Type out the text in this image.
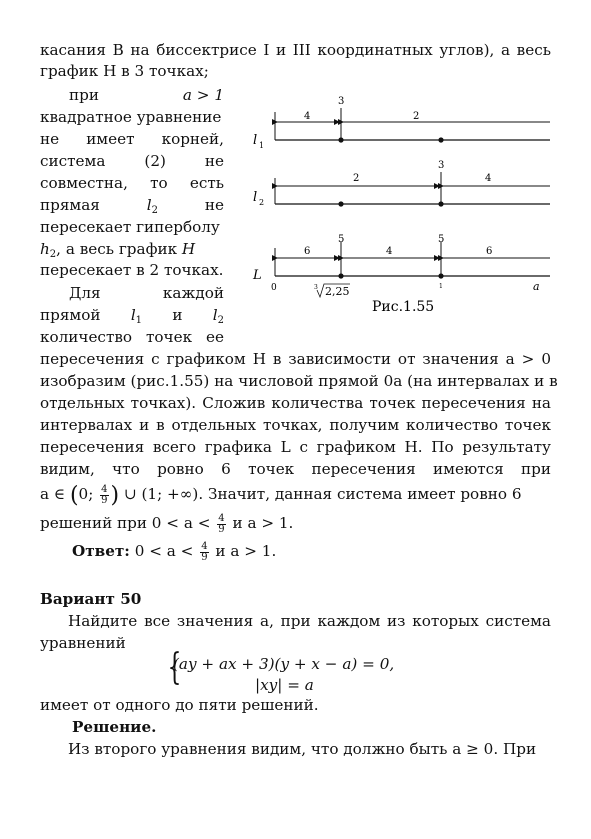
касания B на биссектрисе I и III координатных углов), а весь
график H в 3 точках;
при	a > 1
квадратное уравнение
не имеет корней,
система	(2)	не
совместна, то есть
прямая	$l_2$	не
пересекает гиперболу
$h_2$, а весь график H
пересекает в 2 точках.
Для	каждой
прямой $l_1$ и $l_2$
количество точек ее
l 1
4	2
3
l 2
2	4
3
L
6	4	6
5	5
0	3 2,25	1	a
Рис.1.55
пересечения с графиком H в зависимости от значения a > 0
изобразим (рис.1.55) на числовой прямой 0a (на интервалах и в
отдельных точках). Сложив количества точек пересечения на
интервалах и в отдельных точках, получим количество точек
пересечения всего графика L с графиком H. По результату
видим, что ровно 6 точек пересечения имеются при
a ∈ (0; $\frac{4}{9}$ ) ∪ (1; +∞). Значит, данная система имеет ровно 6
решений при $0 < a < \frac{4}{9}$ и a > 1.
Ответ: $0 < a < \frac{4}{9}$ и a > 1.
Вариант 50
Найдите все значения a, при каждом из которых система
уравнений
{
(ay + ax + 3)(y + x − a) = 0,
|xy| = a
имеет от одного до пяти решений.
Решение.
Из второго уравнения видим, что должно быть a ≥ 0. При
